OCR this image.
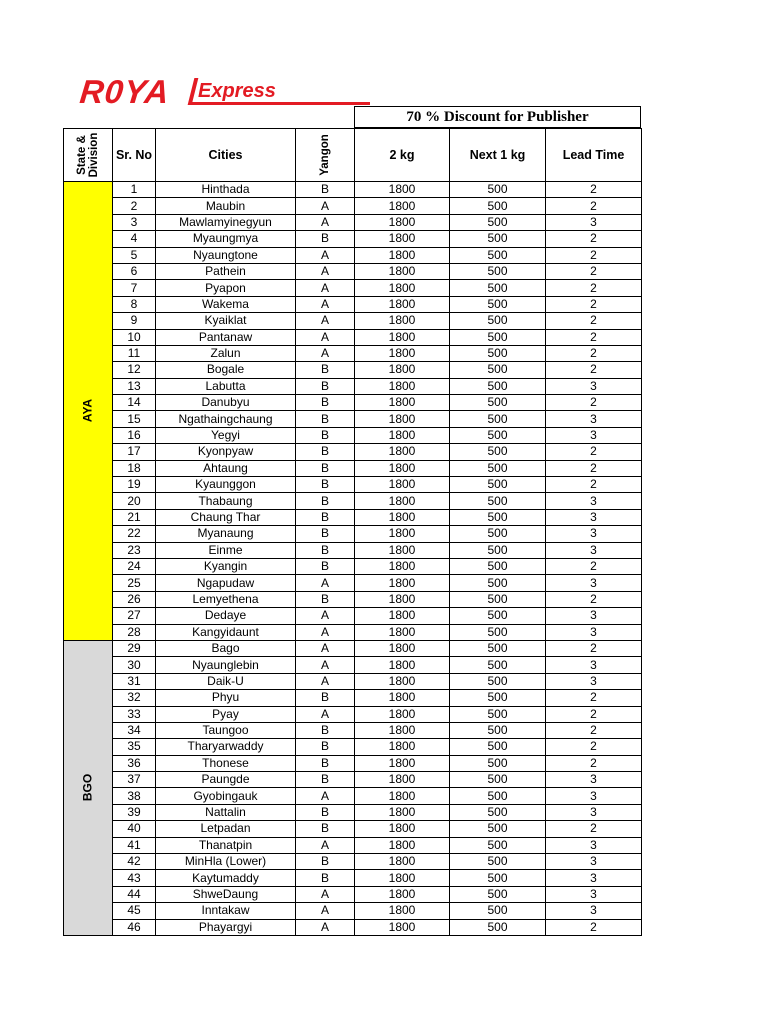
R0YA Express
70 % Discount for Publisher
State & Division	Sr. No	Cities	Yangon	2 kg	Next 1 kg	Lead Time

AYA	1	Hinthada	B	1800	500	2
	2	Maubin	A	1800	500	2
	3	Mawlamyinegyun	A	1800	500	3
	4	Myaungmya	B	1800	500	2
	5	Nyaungtone	A	1800	500	2
	6	Pathein	A	1800	500	2
	7	Pyapon	A	1800	500	2
	8	Wakema	A	1800	500	2
	9	Kyaiklat	A	1800	500	2
	10	Pantanaw	A	1800	500	2
	11	Zalun	A	1800	500	2
	12	Bogale	B	1800	500	2
	13	Labutta	B	1800	500	3
	14	Danubyu	B	1800	500	2
	15	Ngathaingchaung	B	1800	500	3
	16	Yegyi	B	1800	500	3
	17	Kyonpyaw	B	1800	500	2
	18	Ahtaung	B	1800	500	2
	19	Kyaunggon	B	1800	500	2
	20	Thabaung	B	1800	500	3
	21	Chaung Thar	B	1800	500	3
	22	Myanaung	B	1800	500	3
	23	Einme	B	1800	500	3
	24	Kyangin	B	1800	500	2
	25	Ngapudaw	A	1800	500	3
	26	Lemyethena	B	1800	500	2
	27	Dedaye	A	1800	500	3
	28	Kangyidaunt	A	1800	500	3

BGO	29	Bago	A	1800	500	2
	30	Nyaunglebin	A	1800	500	3
	31	Daik-U	A	1800	500	3
	32	Phyu	B	1800	500	2
	33	Pyay	A	1800	500	2
	34	Taungoo	B	1800	500	2
	35	Tharyarwaddy	B	1800	500	2
	36	Thonese	B	1800	500	2
	37	Paungde	B	1800	500	3
	38	Gyobingauk	A	1800	500	3
	39	Nattalin	B	1800	500	3
	40	Letpadan	B	1800	500	2
	41	Thanatpin	A	1800	500	3
	42	MinHla (Lower)	B	1800	500	3
	43	Kaytumaddy	B	1800	500	3
	44	ShweDaung	A	1800	500	3
	45	Inntakaw	A	1800	500	3
	46	Phayargyi	A	1800	500	2
